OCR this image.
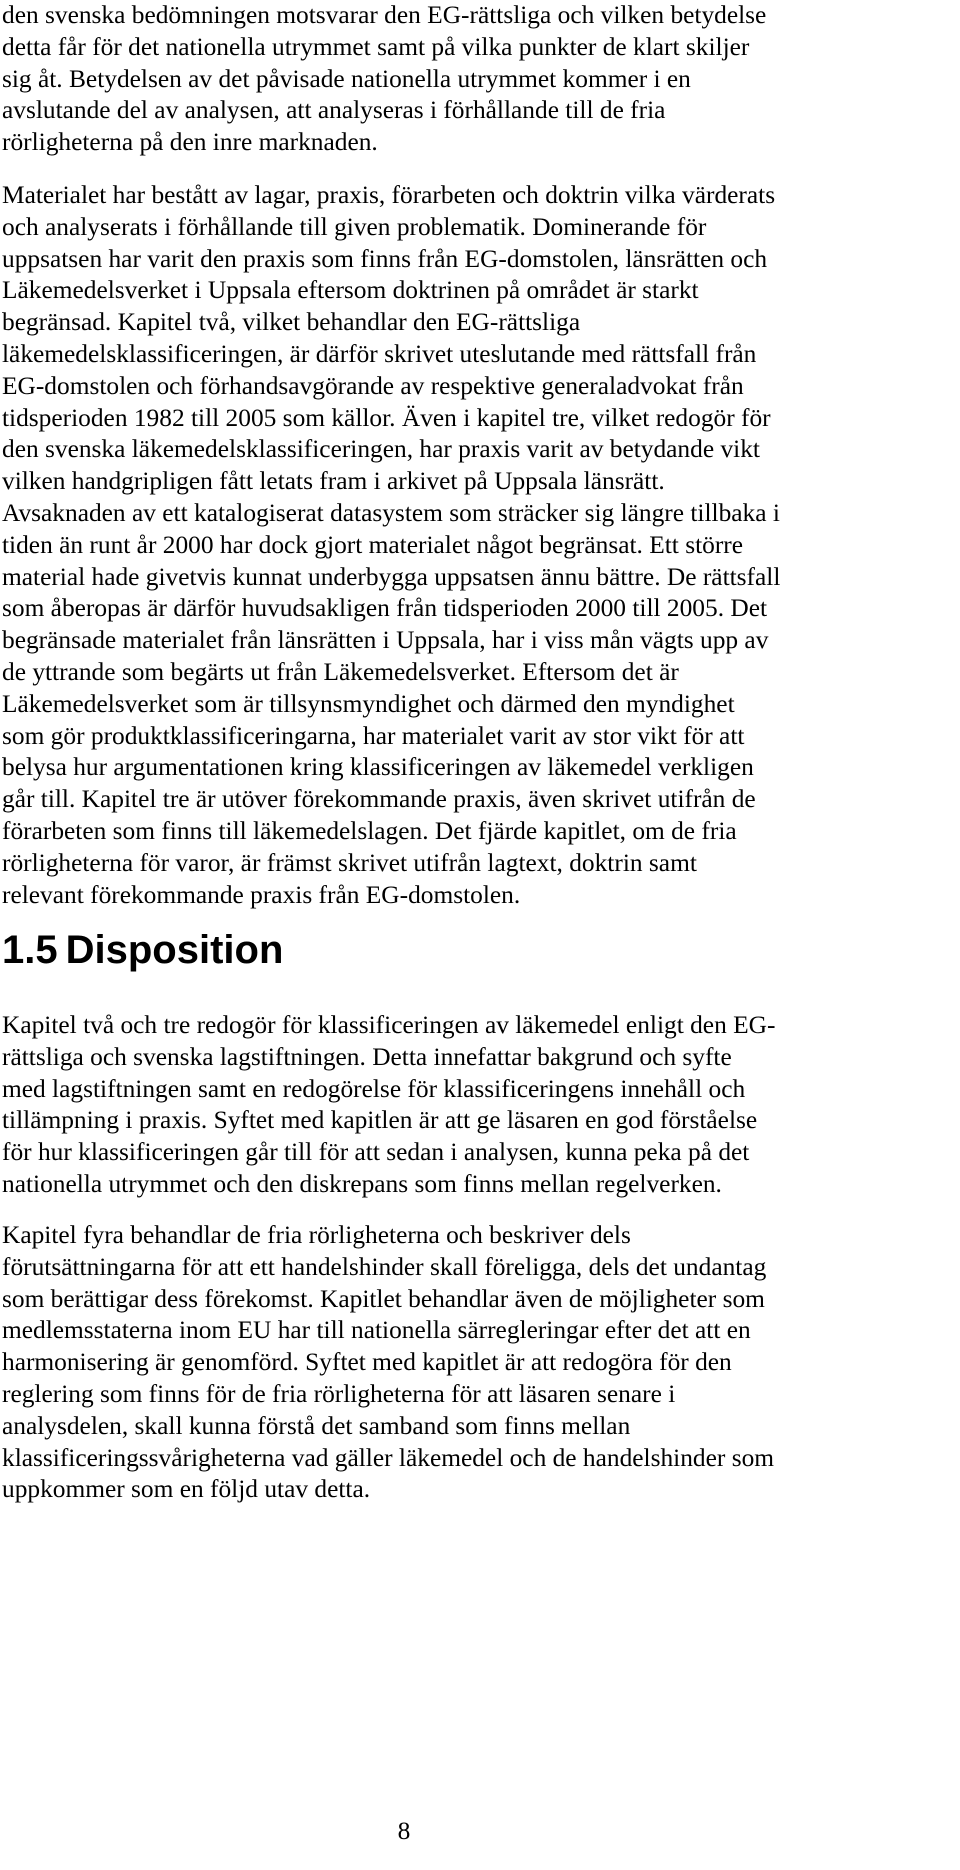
den svenska bedömningen motsvarar den EG-rättsliga och vilken betydelse
detta får för det nationella utrymmet samt på vilka punkter de klart skiljer
sig åt. Betydelsen av det påvisade nationella utrymmet kommer i en
avslutande del av analysen, att analyseras i förhållande till de fria
rörligheterna på den inre marknaden.
Materialet har bestått av lagar, praxis, förarbeten och doktrin vilka värderats
och analyserats i förhållande till given problematik. Dominerande för
uppsatsen har varit den praxis som finns från EG-domstolen, länsrätten och
Läkemedelsverket i Uppsala eftersom doktrinen på området är starkt
begränsad. Kapitel två, vilket behandlar den EG-rättsliga
läkemedelsklassificeringen, är därför skrivet uteslutande med rättsfall från
EG-domstolen och förhandsavgörande av respektive generaladvokat från
tidsperioden 1982 till 2005 som källor. Även i kapitel tre, vilket redogör för
den svenska läkemedelsklassificeringen, har praxis varit av betydande vikt
vilken handgripligen fått letats fram i arkivet på Uppsala länsrätt.
Avsaknaden av ett katalogiserat datasystem som sträcker sig längre tillbaka i
tiden än runt år 2000 har dock gjort materialet något begränsat. Ett större
material hade givetvis kunnat underbygga uppsatsen ännu bättre. De rättsfall
som åberopas är därför huvudsakligen från tidsperioden 2000 till 2005. Det
begränsade materialet från länsrätten i Uppsala, har i viss mån vägts upp av
de yttrande som begärts ut från Läkemedelsverket. Eftersom det är
Läkemedelsverket som är tillsynsmyndighet och därmed den myndighet
som gör produktklassificeringarna, har materialet varit av stor vikt för att
belysa hur argumentationen kring klassificeringen av läkemedel verkligen
går till. Kapitel tre är utöver förekommande praxis, även skrivet utifrån de
förarbeten som finns till läkemedelslagen. Det fjärde kapitlet, om de fria
rörligheterna för varor, är främst skrivet utifrån lagtext, doktrin samt
relevant förekommande praxis från EG-domstolen.
1.5 Disposition
Kapitel två och tre redogör för klassificeringen av läkemedel enligt den EG-
rättsliga och svenska lagstiftningen. Detta innefattar bakgrund och syfte
med lagstiftningen samt en redogörelse för klassificeringens innehåll och
tillämpning i praxis. Syftet med kapitlen är att ge läsaren en god förståelse
för hur klassificeringen går till för att sedan i analysen, kunna peka på det
nationella utrymmet och den diskrepans som finns mellan regelverken.
Kapitel fyra behandlar de fria rörligheterna och beskriver dels
förutsättningarna för att ett handelshinder skall föreligga, dels det undantag
som berättigar dess förekomst. Kapitlet behandlar även de möjligheter som
medlemsstaterna inom EU har till nationella särregleringar efter det att en
harmonisering är genomförd. Syftet med kapitlet är att redogöra för den
reglering som finns för de fria rörligheterna för att läsaren senare i
analysdelen, skall kunna förstå det samband som finns mellan
klassificeringssvårigheterna vad gäller läkemedel och de handelshinder som
uppkommer som en följd utav detta.
8
